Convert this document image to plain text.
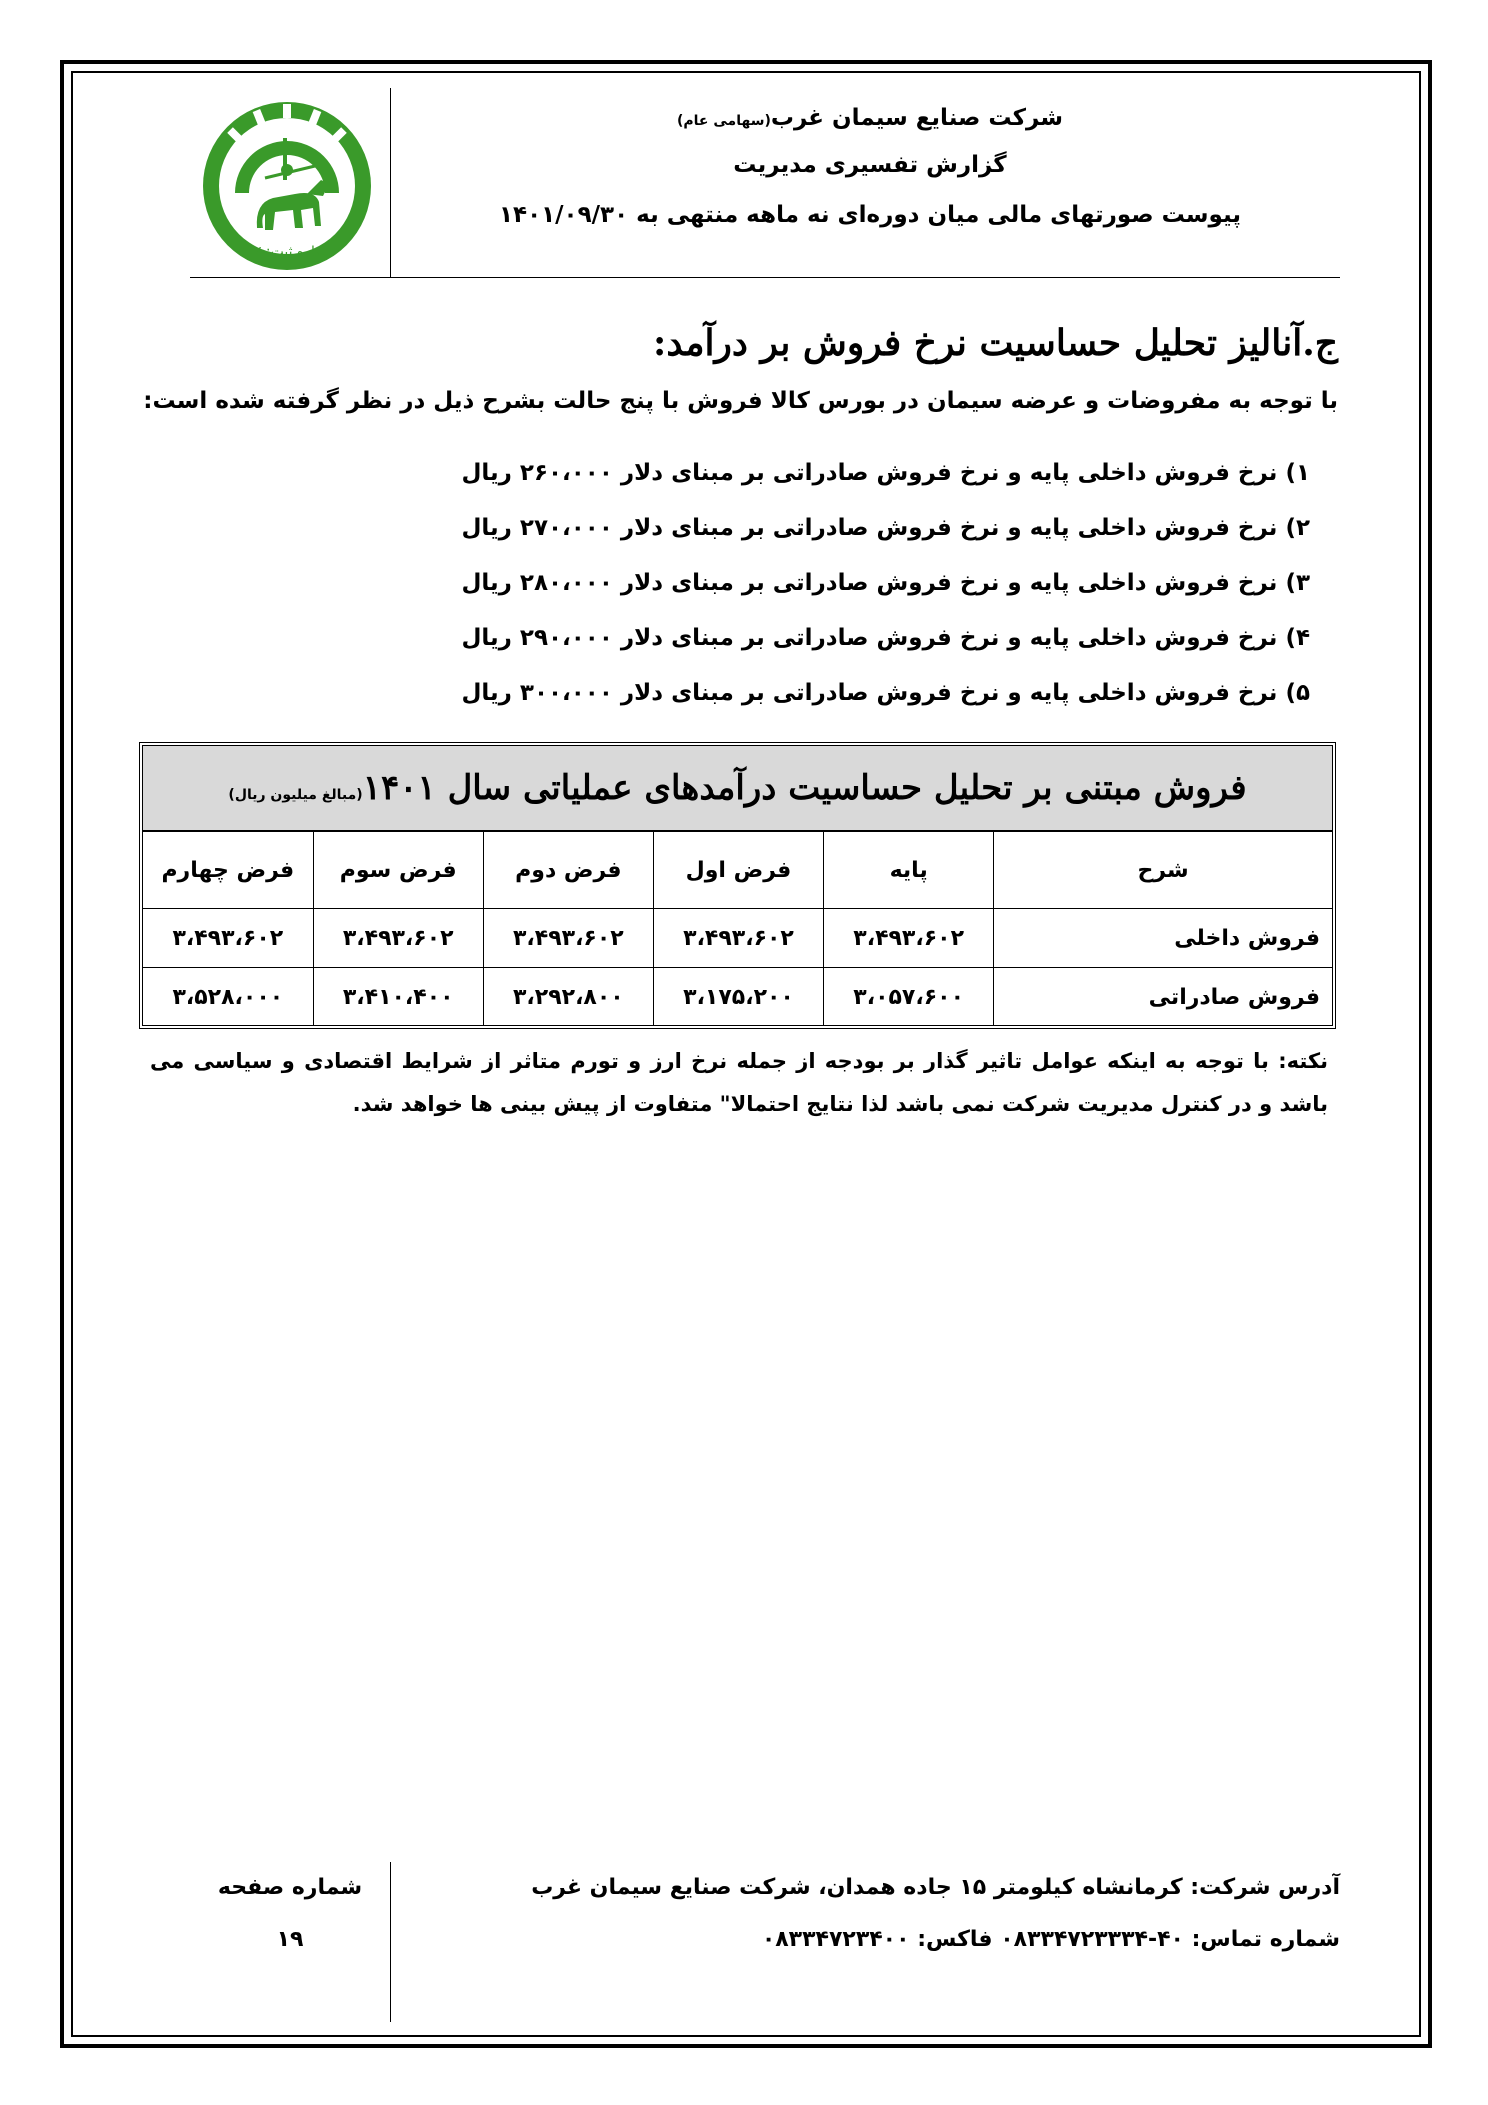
شماره ثبت: ۴۳۷
شرکت صنایع سیمان غرب(سهامی عام)
گزارش تفسیری مدیریت
پیوست صورتهای مالی میان دوره‌ای نه ماهه منتهی به ۱۴۰۱/۰۹/۳۰
ج.آنالیز تحلیل حساسیت نرخ فروش بر درآمد:
با توجه به مفروضات و عرضه سیمان در بورس کالا فروش با پنج حالت بشرح ذیل در نظر گرفته شده است:
۱) نرخ فروش داخلی پایه و نرخ فروش صادراتی بر مبنای دلار ۲۶۰،۰۰۰ ریال
۲) نرخ فروش داخلی پایه و نرخ فروش صادراتی بر مبنای دلار ۲۷۰،۰۰۰ ریال
۳) نرخ فروش داخلی پایه و نرخ فروش صادراتی بر مبنای دلار ۲۸۰،۰۰۰ ریال
۴) نرخ فروش داخلی پایه و نرخ فروش صادراتی بر مبنای دلار ۲۹۰،۰۰۰ ریال
۵) نرخ فروش داخلی پایه و نرخ فروش صادراتی بر مبنای دلار ۳۰۰،۰۰۰ ریال
فروش مبتنی بر تحلیل حساسیت درآمدهای عملیاتی سال ۱۴۰۱(مبالغ میلیون ریال)
شرح	پایه	فرض اول	فرض دوم	فرض سوم	فرض چهارم
فروش داخلی	۳،۴۹۳،۶۰۲	۳،۴۹۳،۶۰۲	۳،۴۹۳،۶۰۲	۳،۴۹۳،۶۰۲	۳،۴۹۳،۶۰۲
فروش صادراتی	۳،۰۵۷،۶۰۰	۳،۱۷۵،۲۰۰	۳،۲۹۲،۸۰۰	۳،۴۱۰،۴۰۰	۳،۵۲۸،۰۰۰
نکته: با توجه به اینکه عوامل تاثیر گذار بر بودجه از جمله نرخ ارز و تورم متاثر از شرایط اقتصادی و سیاسی می باشد و در کنترل مدیریت شرکت نمی باشد لذا نتایج احتمالا" متفاوت از پیش بینی ها خواهد شد.
شماره صفحه
۱۹
آدرس شرکت: کرمانشاه کیلومتر ۱۵ جاده همدان، شرکت صنایع سیمان غرب
شماره تماس: ۴۰-۰۸۳۳۴۷۲۳۳۳۴ فاکس: ۰۸۳۳۴۷۲۳۴۰۰
